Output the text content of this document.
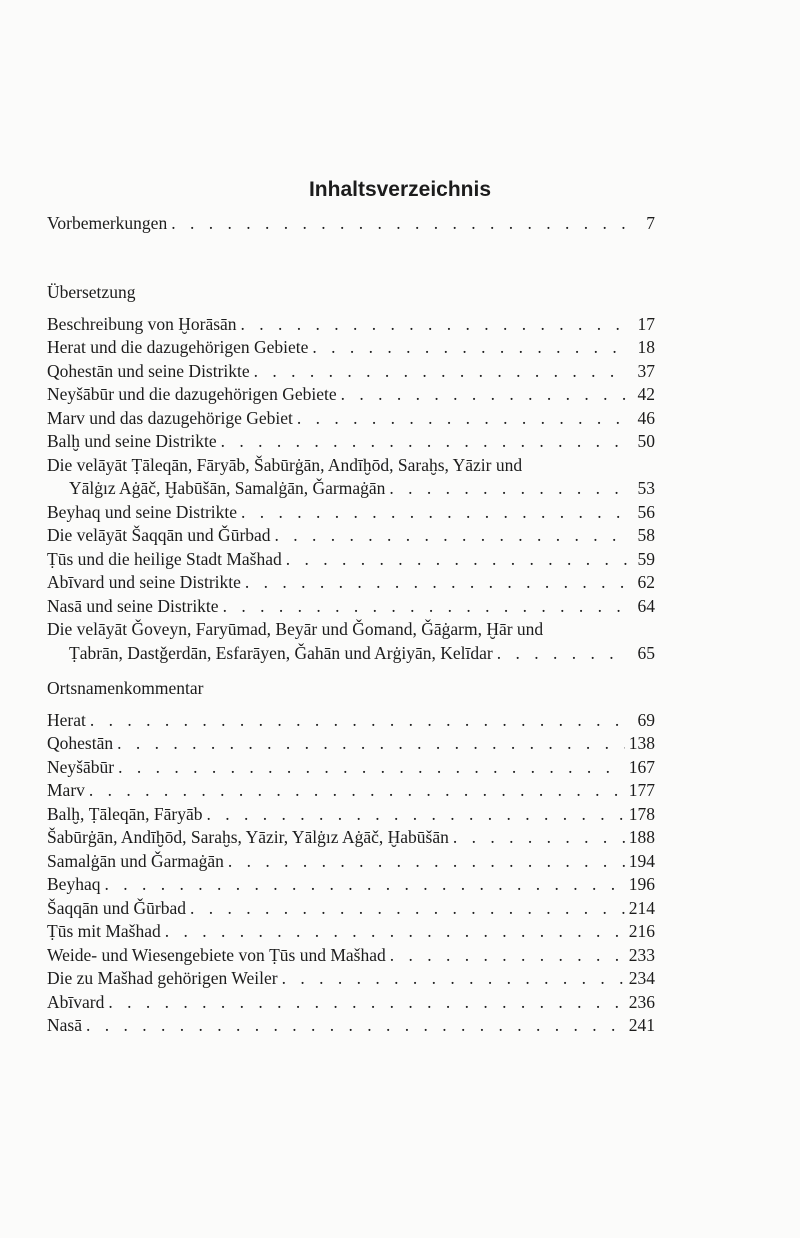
Inhaltsverzeichnis
Vorbemerkungen . . .	7
Übersetzung
Beschreibung von Ḫorāsān . . .	17
Herat und die dazugehörigen Gebiete . . .	18
Qohestān und seine Distrikte . . .	37
Neyšābūr und die dazugehörigen Gebiete . . .	42
Marv und das dazugehörige Gebiet . . .	46
Balḫ und seine Distrikte . . .	50
Die velāyāt Ṭāleqān, Fāryāb, Šabūrġān, Andīḫōd, Saraḫs, Yāzir und
Yālġız Aġāč, Ḫabūšān, Samalġān, Ǧarmaġān . . .	53
Beyhaq und seine Distrikte . . .	56
Die velāyāt Šaqqān und Ǧūrbad . . .	58
Ṭūs und die heilige Stadt Mašhad . . .	59
Abīvard und seine Distrikte . . .	62
Nasā und seine Distrikte . . .	64
Die velāyāt Ǧoveyn, Faryūmad, Beyār und Ǧomand, Ǧāġarm, Ḫār und
Ṭabrān, Dastǧerdān, Esfarāyen, Ǧahān und Arġiyān, Kelīdar . . .	65
Ortsnamenkommentar
Herat . . .	69
Qohestān . . .	138
Neyšābūr . . .	167
Marv . . .	177
Balḫ, Ṭāleqān, Fāryāb . . .	178
Šabūrġān, Andīḫōd, Saraḫs, Yāzir, Yālġız Aġāč, Ḫabūšān . . .	188
Samalġān und Ǧarmaġān . . .	194
Beyhaq . . .	196
Šaqqān und Ǧūrbad . . .	214
Ṭūs mit Mašhad . . .	216
Weide- und Wiesengebiete von Ṭūs und Mašhad . . .	233
Die zu Mašhad gehörigen Weiler . . .	234
Abīvard . . .	236
Nasā . . .	241
